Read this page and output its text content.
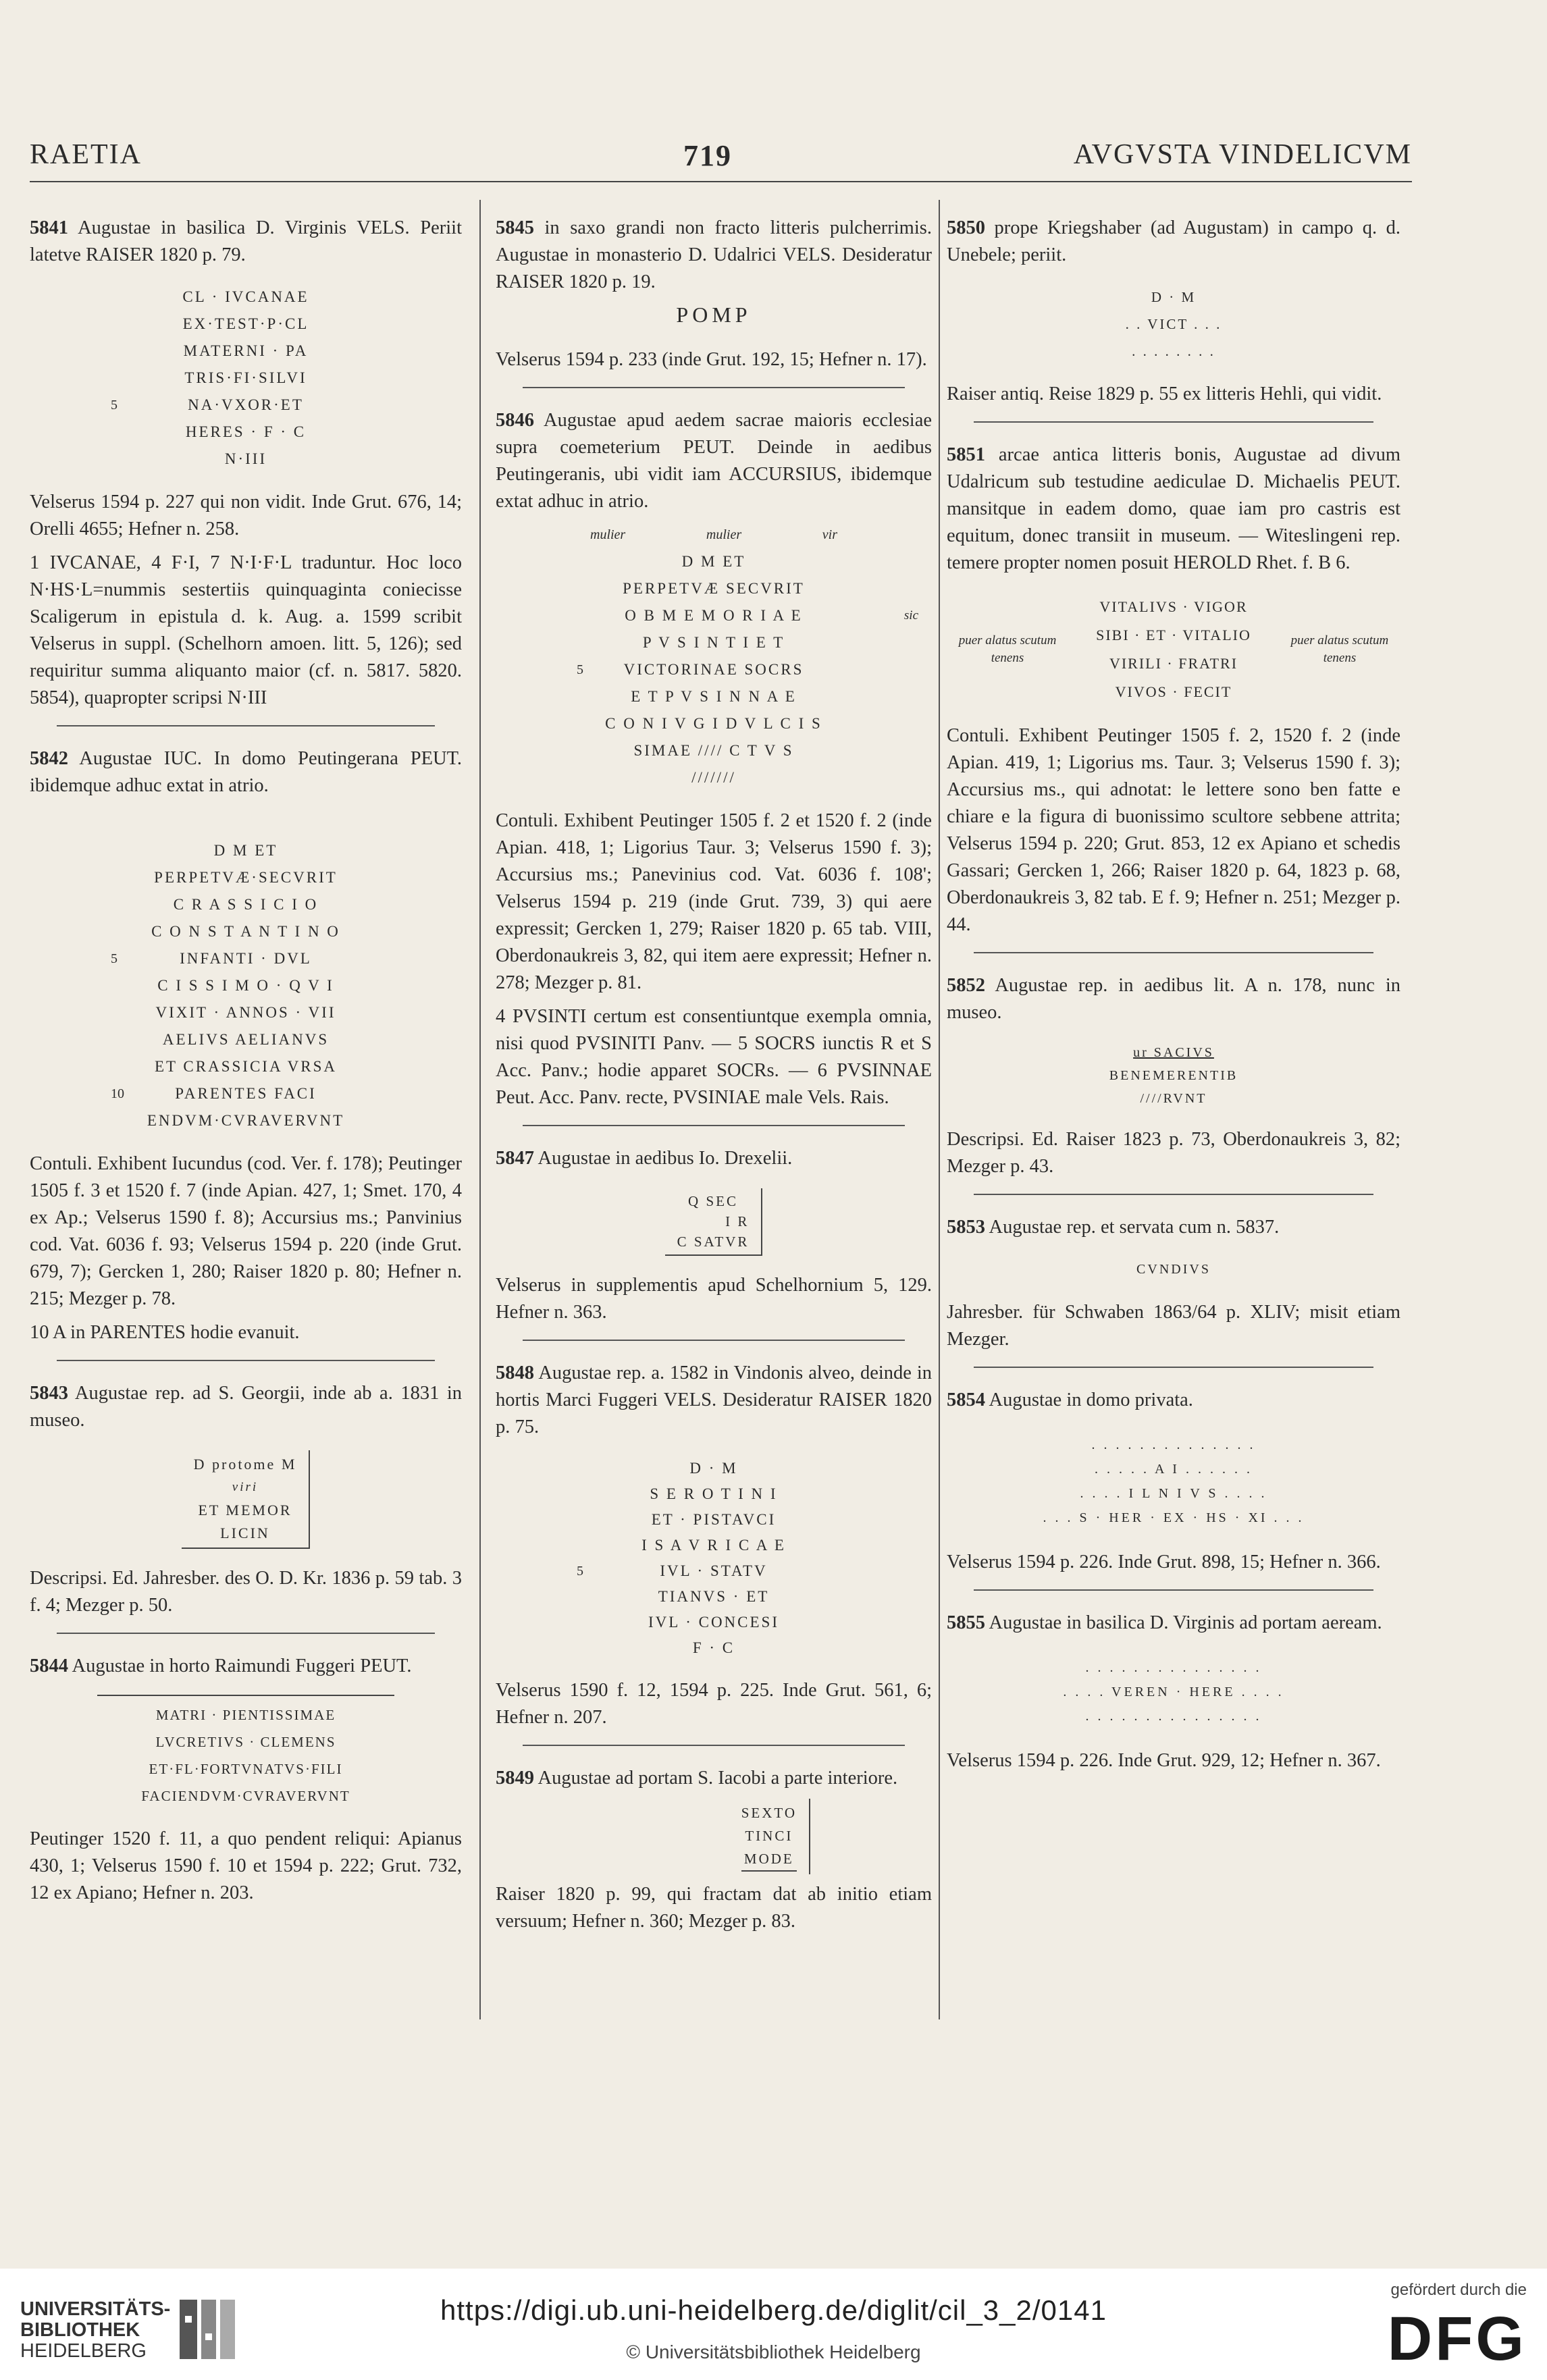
RAETIA	719	AVGVSTA VINDELICVM

5841 Augustae in basilica D. Virginis VELS. Periit latetve RAISER 1820 p. 79.

CL · IVCANAE
EX·TEST·P·CL
MATERNI · PA
TRIS·FI·SILVI
5	NA·VXOR·ET
HERES · F · C
N·III

Velserus 1594 p. 227 qui non vidit. Inde Grut. 676, 14; Orelli 4655; Hefner n. 258.

1 IVCANAE, 4 F·I, 7 N·I·F·L traduntur. Hoc loco N·HS·L=nummis sestertiis quinquaginta coniecisse Scaligerum in epistula d. k. Aug. a. 1599 scribit Velserus in suppl. (Schelhorn amoen. litt. 5, 126); sed requiritur summa aliquanto maior (cf. n. 5817. 5820. 5854), quapropter scripsi N·III

5842 Augustae IUC. In domo Peutingerana PEUT. ibidemque adhuc extat in atrio.

D M ET
PERPETVÆ·SECVRIT
C R A S S I C I O
C O N S T A N T I N O
5	INFANTI · DVL
C I S S I M O · Q V I
VIXIT · ANNOS · VII
AELIVS AELIANVS
ET CRASSICIA VRSA
10	PARENTES FACI
ENDVM·CVRAVERVNT

Contuli. Exhibent Iucundus (cod. Ver. f. 178); Peutinger 1505 f. 3 et 1520 f. 7 (inde Apian. 427, 1; Smet. 170, 4 ex Ap.; Velserus 1590 f. 8); Accursius ms.; Panvinius cod. Vat. 6036 f. 93; Velserus 1594 p. 220 (inde Grut. 679, 7); Gercken 1, 280; Raiser 1820 p. 80; Hefner n. 215; Mezger p. 78.

10 A in PARENTES hodie evanuit.

5843 Augustae rep. ad S. Georgii, inde ab a. 1831 in museo.

D protome M
viri
ET MEMOR
LICIN

Descripsi. Ed. Jahresber. des O. D. Kr. 1836 p. 59 tab. 3 f. 4; Mezger p. 50.

5844 Augustae in horto Raimundi Fuggeri PEUT.

MATRI · PIENTISSIMAE
LVCRETIVS · CLEMENS
ET·FL·FORTVNATVS·FILI
FACIENDVM·CVRAVERVNT

Peutinger 1520 f. 11, a quo pendent reliqui: Apianus 430, 1; Velserus 1590 f. 10 et 1594 p. 222; Grut. 732, 12 ex Apiano; Hefner n. 203.

5845 in saxo grandi non fracto litteris pulcherrimis. Augustae in monasterio D. Udalrici VELS. Desideratur RAISER 1820 p. 19.

POMP

Velserus 1594 p. 233 (inde Grut. 192, 15; Hefner n. 17).

5846 Augustae apud aedem sacrae maioris ecclesiae supra coemeterium PEUT. Deinde in aedibus Peutingeranis, ubi vidit iam ACCURSIUS, ibidemque extat adhuc in atrio.

mulier	mulier	vir
D M ET
PERPETVÆ SECVRIT
O B M E M O R I A E	sic
P V S I N T I E T
5	VICTORINAE SOCRS
E T P V S I N N A E
C O N I V G I D V L C I S
SIMAE //// C T V S
///////

Contuli. Exhibent Peutinger 1505 f. 2 et 1520 f. 2 (inde Apian. 418, 1; Ligorius Taur. 3; Velserus 1590 f. 3); Accursius ms.; Panevinius cod. Vat. 6036 f. 108'; Velserus 1594 p. 219 (inde Grut. 739, 3) qui aere expressit; Gercken 1, 279; Raiser 1820 p. 65 tab. VIII, Oberdonaukreis 3, 82, qui item aere expressit; Hefner n. 278; Mezger p. 81.

4 PVSINTI certum est consentiuntque exempla omnia, nisi quod PVSINITI Panv. — 5 SOCRS iunctis R et S Acc. Panv.; hodie apparet SOCRs. — 6 PVSINNAE Peut. Acc. Panv. recte, PVSINIAE male Vels. Rais.

5847 Augustae in aedibus Io. Drexelii.

Q SEC
I R
C SATVR

Velserus in supplementis apud Schelhornium 5, 129. Hefner n. 363.

5848 Augustae rep. a. 1582 in Vindonis alveo, deinde in hortis Marci Fuggeri VELS. Desideratur RAISER 1820 p. 75.

D · M
S E R O T I N I
ET · PISTAVCI
I S A V R I C A E
5	IVL · STATV
TIANVS · ET
IVL · CONCESI
F · C

Velserus 1590 f. 12, 1594 p. 225. Inde Grut. 561, 6; Hefner n. 207.

5849 Augustae ad portam S. Iacobi a parte interiore.

SEXTO
TINCI
MODE

Raiser 1820 p. 99, qui fractam dat ab initio etiam versuum; Hefner n. 360; Mezger p. 83.

5850 prope Kriegshaber (ad Augustam) in campo q. d. Unebele; periit.

D · M
. . VICT . . .
. . . . . . . .

Raiser antiq. Reise 1829 p. 55 ex litteris Hehli, qui vidit.

5851 arcae antica litteris bonis, Augustae ad divum Udalricum sub testudine aediculae D. Michaelis PEUT. mansitque in eadem domo, quae iam pro castris est equitum, donec transiit in museum. — Witeslingeni rep. temere propter nomen posuit HEROLD Rhet. f. B 6.

puer alatus scutum tenens
VITALIVS · VIGOR
SIBI · ET · VITALIO
VIRILI · FRATRI
VIVOS · FECIT
puer alatus scutum tenens

Contuli. Exhibent Peutinger 1505 f. 2, 1520 f. 2 (inde Apian. 419, 1; Ligorius ms. Taur. 3; Velserus 1590 f. 3); Accursius ms., qui adnotat: le lettere sono ben fatte e chiare e la figura di buonissimo scultore sebbene attrita; Velserus 1594 p. 220; Grut. 853, 12 ex Apiano et schedis Gassari; Gercken 1, 266; Raiser 1820 p. 64, 1823 p. 68, Oberdonaukreis 3, 82 tab. E f. 9; Hefner n. 251; Mezger p. 44.

5852 Augustae rep. in aedibus lit. A n. 178, nunc in museo.

ur SACIVS
BENEMERENTIB
////RVNT

Descripsi. Ed. Raiser 1823 p. 73, Oberdonaukreis 3, 82; Mezger p. 43.

5853 Augustae rep. et servata cum n. 5837.

CVNDIVS

Jahresber. für Schwaben 1863/64 p. XLIV; misit etiam Mezger.

5854 Augustae in domo privata.

. . . . . . . . . . . . . .
. . . . . A I . . . . . .
. . . . I L N I V S . . . .
. . . S · HER · EX · HS · XI . . .

Velserus 1594 p. 226. Inde Grut. 898, 15; Hefner n. 366.

5855 Augustae in basilica D. Virginis ad portam aeream.

. . . . . . . . . . . . . . .
. . . . VEREN · HERE . . . .
. . . . . . . . . . . . . . .

Velserus 1594 p. 226. Inde Grut. 929, 12; Hefner n. 367.

UNIVERSITÄTS-
BIBLIOTHEK
HEIDELBERG
https://digi.ub.uni-heidelberg.de/diglit/cil_3_2/0141
© Universitätsbibliothek Heidelberg
gefördert durch die
DFG
